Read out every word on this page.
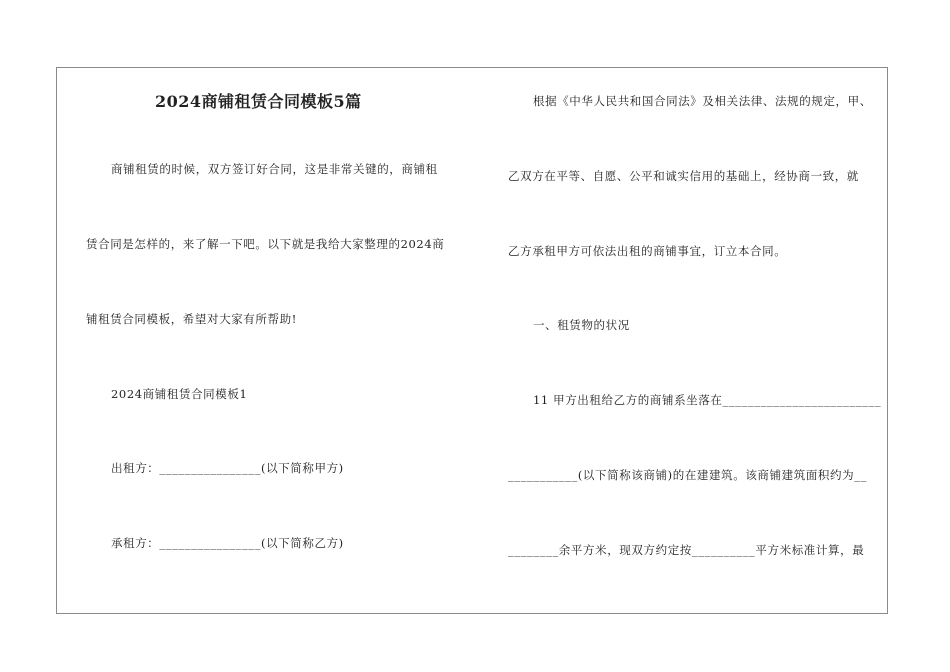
2024商铺租赁合同模板5篇
商铺租赁的时候，双方签订好合同，这是非常关键的，商铺租
赁合同是怎样的，来了解一下吧。以下就是我给大家整理的2024商
铺租赁合同模板，希望对大家有所帮助!
2024商铺租赁合同模板1
出租方：________________(以下简称甲方)
承租方：________________(以下简称乙方)
根据《中华人民共和国合同法》及相关法律、法规的规定，甲、
乙双方在平等、自愿、公平和诚实信用的基础上，经协商一致，就
乙方承租甲方可依法出租的商铺事宜，订立本合同。
一、租赁物的状况
11 甲方出租给乙方的商铺系坐落在_________________________
___________(以下简称该商铺)的在建建筑。该商铺建筑面积约为__
________余平方米，现双方约定按__________平方米标准计算，最
